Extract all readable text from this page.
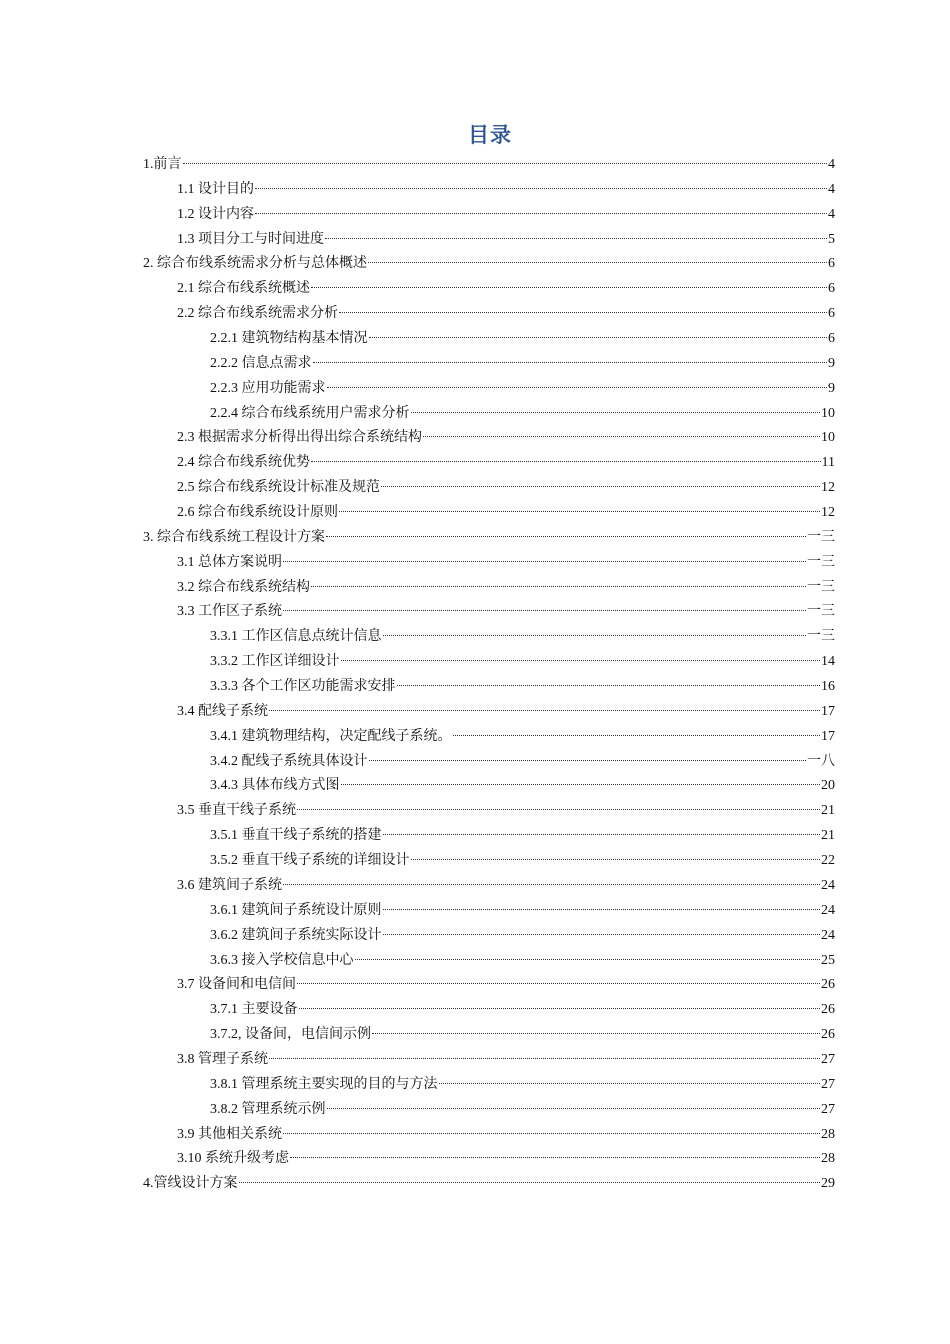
目录
1.前言	4
1.1 设计目的	4
1.2 设计内容	4
1.3 项目分工与时间进度	5
2. 综合布线系统需求分析与总体概述	6
2.1 综合布线系统概述	6
2.2 综合布线系统需求分析	6
2.2.1 建筑物结构基本情况	6
2.2.2 信息点需求	9
2.2.3 应用功能需求	9
2.2.4 综合布线系统用户需求分析	10
2.3 根据需求分析得出得出综合系统结构	10
2.4 综合布线系统优势	11
2.5 综合布线系统设计标准及规范	12
2.6 综合布线系统设计原则	12
3. 综合布线系统工程设计方案	一三
3.1 总体方案说明	一三
3.2 综合布线系统结构	一三
3.3 工作区子系统	一三
3.3.1 工作区信息点统计信息	一三
3.3.2 工作区详细设计	14
3.3.3 各个工作区功能需求安排	16
3.4 配线子系统	17
3.4.1 建筑物理结构，决定配线子系统。	17
3.4.2 配线子系统具体设计	一八
3.4.3 具体布线方式图	20
3.5 垂直干线子系统	21
3.5.1 垂直干线子系统的搭建	21
3.5.2 垂直干线子系统的详细设计	22
3.6 建筑间子系统	24
3.6.1 建筑间子系统设计原则	24
3.6.2 建筑间子系统实际设计	24
3.6.3 接入学校信息中心	25
3.7 设备间和电信间	26
3.7.1 主要设备	26
3.7.2, 设备间，电信间示例	26
3.8 管理子系统	27
3.8.1 管理系统主要实现的目的与方法	27
3.8.2 管理系统示例	27
3.9 其他相关系统	28
3.10 系统升级考虑	28
4.管线设计方案	29
